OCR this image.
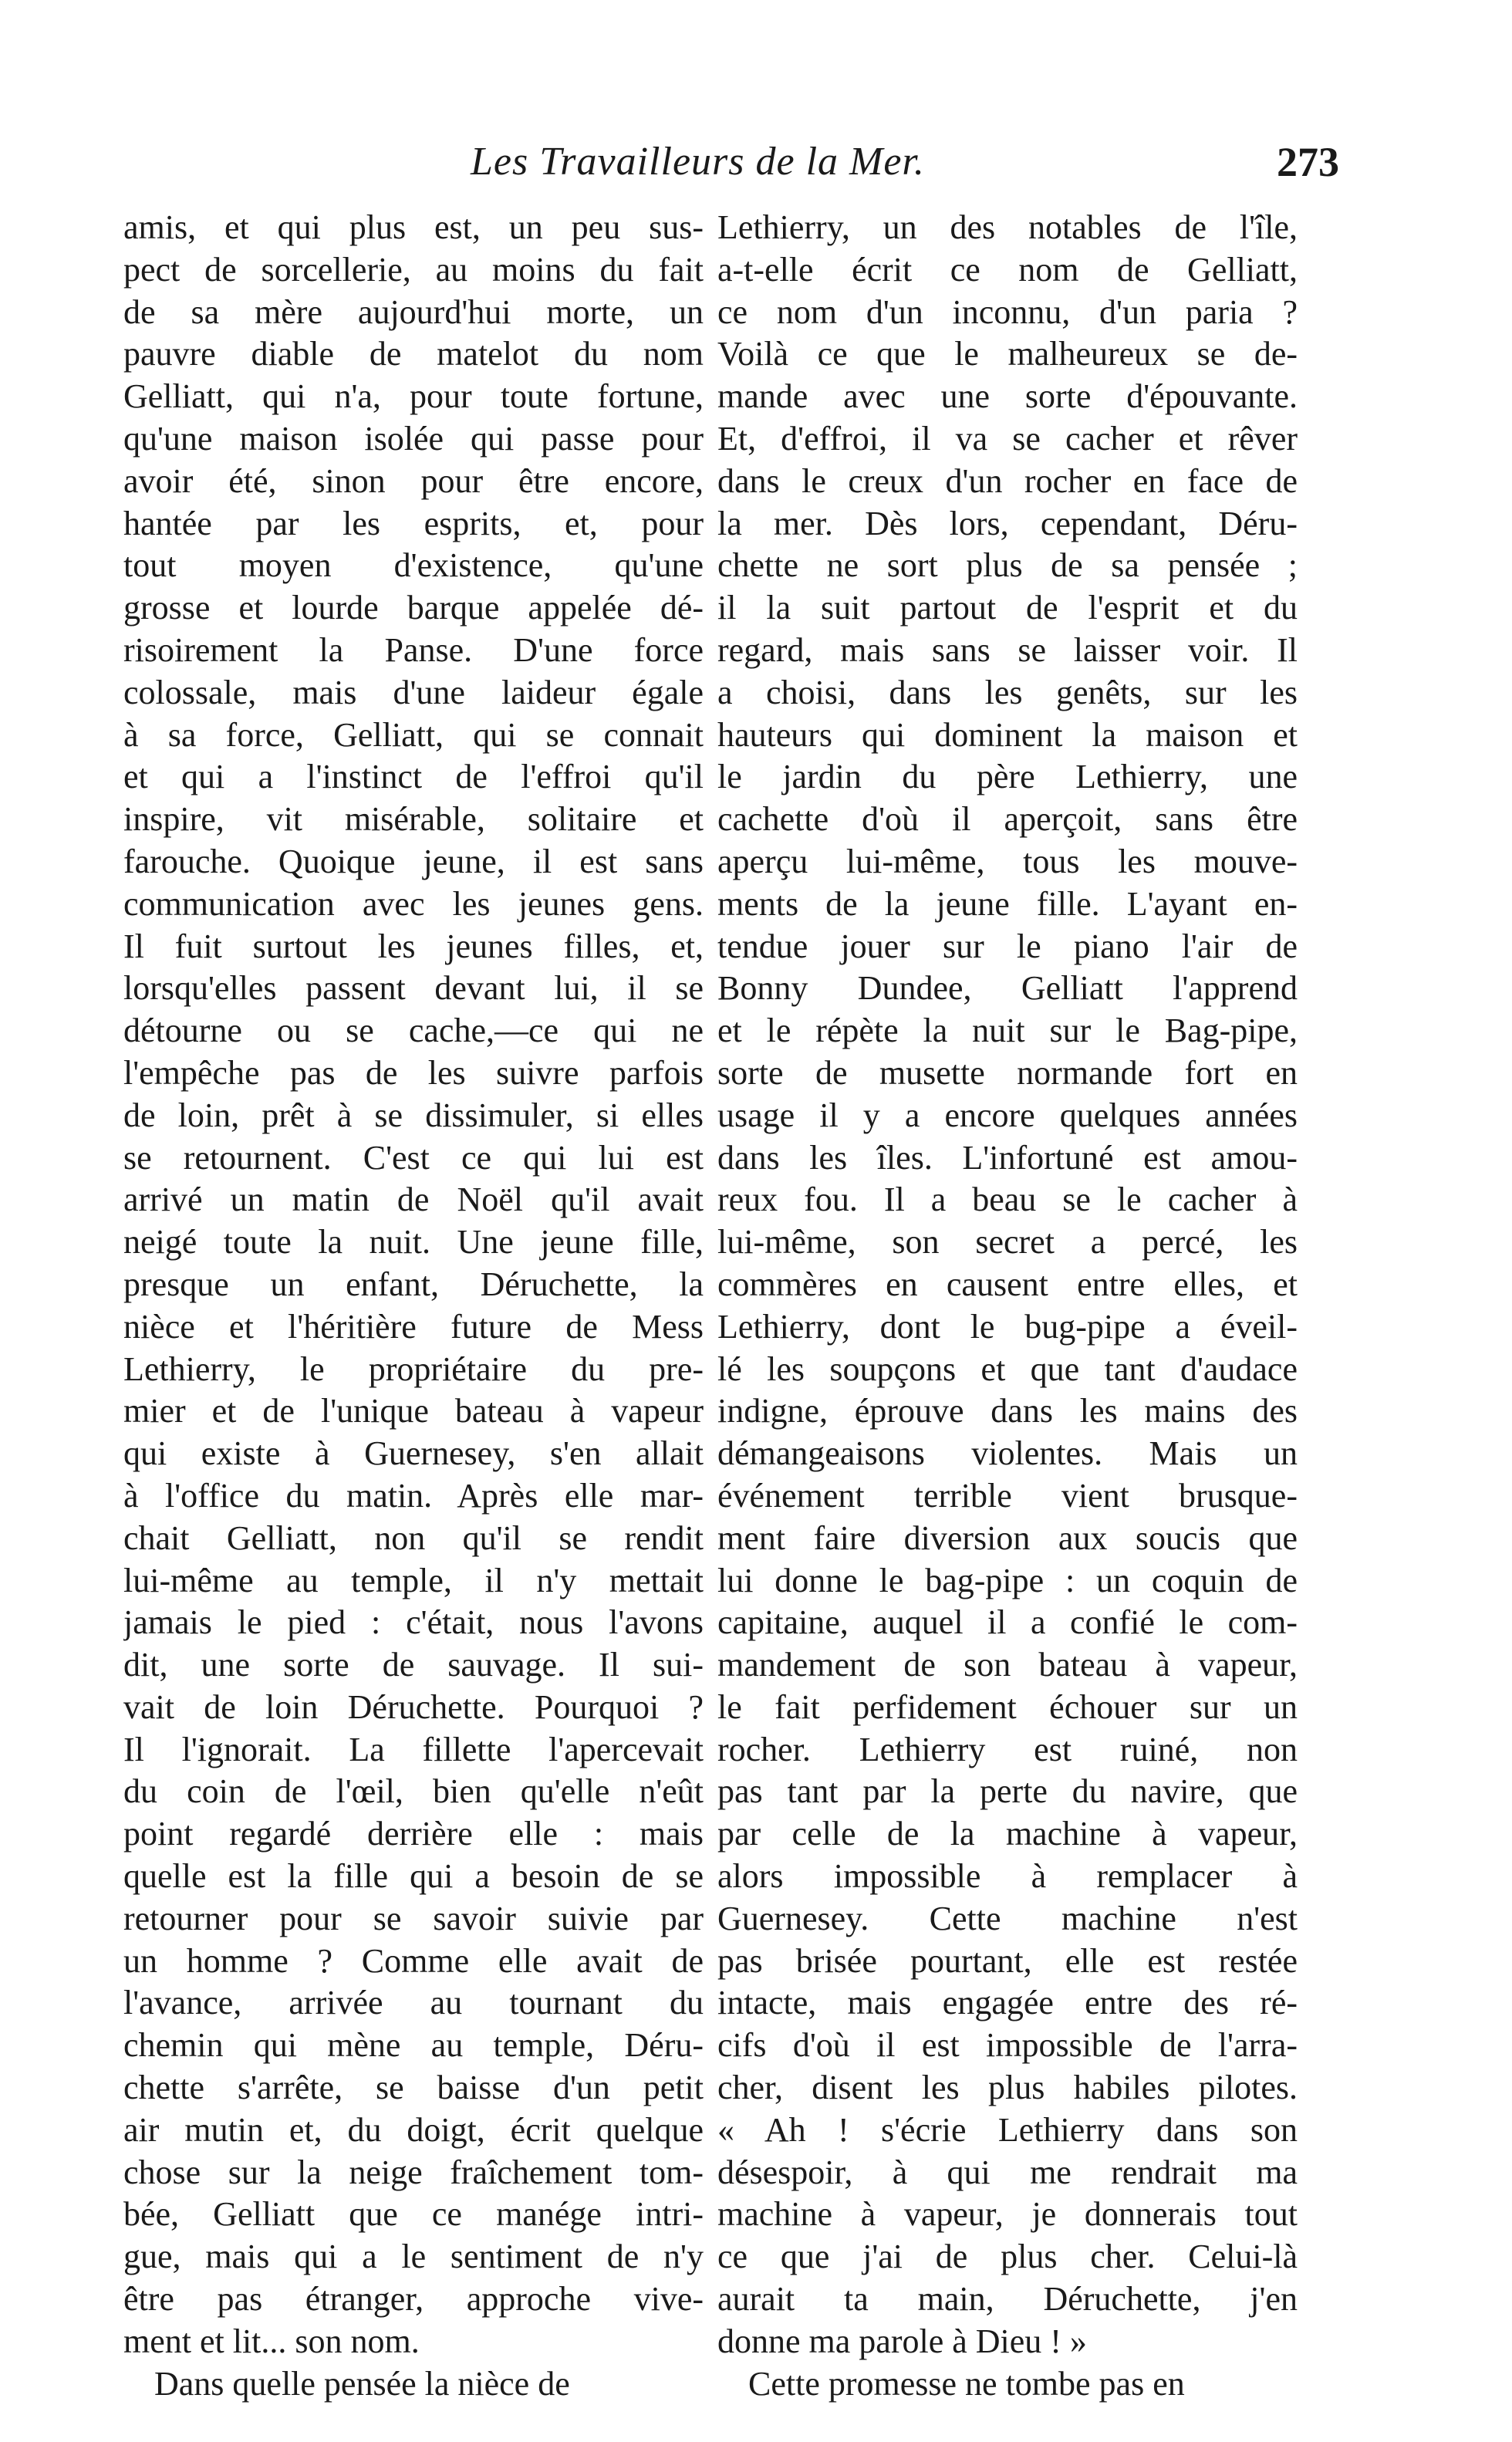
Les Travailleurs de la Mer.	273
amis, et qui plus est, un peu sus-
pect de sorcellerie, au moins du fait
de sa mère aujourd'hui morte, un
pauvre diable de matelot du nom
Gelliatt, qui n'a, pour toute fortune,
qu'une maison isolée qui passe pour
avoir été, sinon pour être encore,
hantée par les esprits, et, pour
tout moyen d'existence, qu'une
grosse et lourde barque appelée dé-
risoirement la Panse. D'une force
colossale, mais d'une laideur égale
à sa force, Gelliatt, qui se connait
et qui a l'instinct de l'effroi qu'il
inspire, vit misérable, solitaire et
farouche. Quoique jeune, il est sans
communication avec les jeunes gens.
Il fuit surtout les jeunes filles, et,
lorsqu'elles passent devant lui, il se
détourne ou se cache,—ce qui ne
l'empêche pas de les suivre parfois
de loin, prêt à se dissimuler, si elles
se retournent. C'est ce qui lui est
arrivé un matin de Noël qu'il avait
neigé toute la nuit. Une jeune fille,
presque un enfant, Déruchette, la
nièce et l'héritière future de Mess
Lethierry, le propriétaire du pre-
mier et de l'unique bateau à vapeur
qui existe à Guernesey, s'en allait
à l'office du matin. Après elle mar-
chait Gelliatt, non qu'il se rendit
lui-même au temple, il n'y mettait
jamais le pied : c'était, nous l'avons
dit, une sorte de sauvage. Il sui-
vait de loin Déruchette. Pourquoi ?
Il l'ignorait. La fillette l'apercevait
du coin de l'œil, bien qu'elle n'eût
point regardé derrière elle : mais
quelle est la fille qui a besoin de se
retourner pour se savoir suivie par
un homme ? Comme elle avait de
l'avance, arrivée au tournant du
chemin qui mène au temple, Déru-
chette s'arrête, se baisse d'un petit
air mutin et, du doigt, écrit quelque
chose sur la neige fraîchement tom-
bée, Gelliatt que ce manége intri-
gue, mais qui a le sentiment de n'y
être pas étranger, approche vive-
ment et lit... son nom.
Dans quelle pensée la nièce de
Lethierry, un des notables de l'île,
a-t-elle écrit ce nom de Gelliatt,
ce nom d'un inconnu, d'un paria ?
Voilà ce que le malheureux se de-
mande avec une sorte d'épouvante.
Et, d'effroi, il va se cacher et rêver
dans le creux d'un rocher en face de
la mer. Dès lors, cependant, Déru-
chette ne sort plus de sa pensée ;
il la suit partout de l'esprit et du
regard, mais sans se laisser voir. Il
a choisi, dans les genêts, sur les
hauteurs qui dominent la maison et
le jardin du père Lethierry, une
cachette d'où il aperçoit, sans être
aperçu lui-même, tous les mouve-
ments de la jeune fille. L'ayant en-
tendue jouer sur le piano l'air de
Bonny Dundee, Gelliatt l'apprend
et le répète la nuit sur le Bag-pipe,
sorte de musette normande fort en
usage il y a encore quelques années
dans les îles. L'infortuné est amou-
reux fou. Il a beau se le cacher à
lui-même, son secret a percé, les
commères en causent entre elles, et
Lethierry, dont le bug-pipe a éveil-
lé les soupçons et que tant d'audace
indigne, éprouve dans les mains des
démangeaisons violentes. Mais un
événement terrible vient brusque-
ment faire diversion aux soucis que
lui donne le bag-pipe : un coquin de
capitaine, auquel il a confié le com-
mandement de son bateau à vapeur,
le fait perfidement échouer sur un
rocher. Lethierry est ruiné, non
pas tant par la perte du navire, que
par celle de la machine à vapeur,
alors impossible à remplacer à
Guernesey. Cette machine n'est
pas brisée pourtant, elle est restée
intacte, mais engagée entre des ré-
cifs d'où il est impossible de l'arra-
cher, disent les plus habiles pilotes.
« Ah ! s'écrie Lethierry dans son
désespoir, à qui me rendrait ma
machine à vapeur, je donnerais tout
ce que j'ai de plus cher. Celui-là
aurait ta main, Déruchette, j'en
donne ma parole à Dieu ! »
Cette promesse ne tombe pas en
